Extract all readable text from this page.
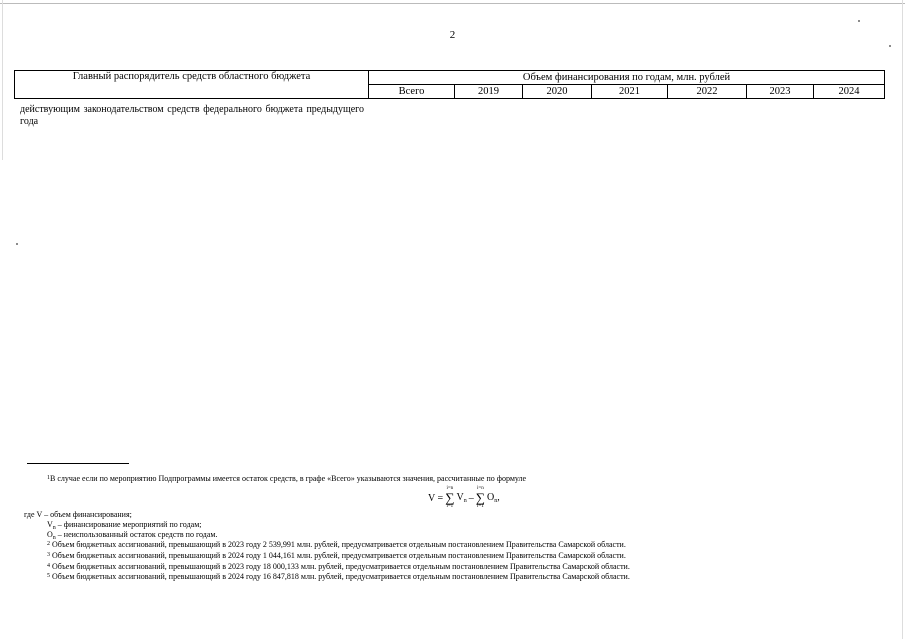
2
Главный распорядитель средств областного бюджета	Объем финансирования по годам, млн. рублей						
	Всего	2019	2020	2021	2022	2023	2024
действующим законодательством средств федерального бюджета предыдущего года
$^1$В случае если по мероприятию Подпрограммы имеется остаток средств, в графе «Всего» указываются значения, рассчитанные по формуле
V =
i=n
∑
i=1
$V_n$ –
i=n
∑
i=1
$O_n$,
где V – объем финансирования;
$V_n$ – финансирование мероприятий по годам;
$O_n$ – неиспользованный остаток средств по годам.
$^2$ Объем бюджетных ассигнований, превышающий в 2023 году 2 539,991 млн. рублей, предусматривается отдельным постановлением Правительства Самарской области.
$^3$ Объем бюджетных ассигнований, превышающий в 2024 году 1 044,161 млн. рублей, предусматривается отдельным постановлением Правительства Самарской области.
$^4$ Объем бюджетных ассигнований, превышающий в 2023 году 18 000,133 млн. рублей, предусматривается отдельным постановлением Правительства Самарской области.
$^5$ Объем бюджетных ассигнований, превышающий в 2024 году 16 847,818 млн. рублей, предусматривается отдельным постановлением Правительства Самарской области.
